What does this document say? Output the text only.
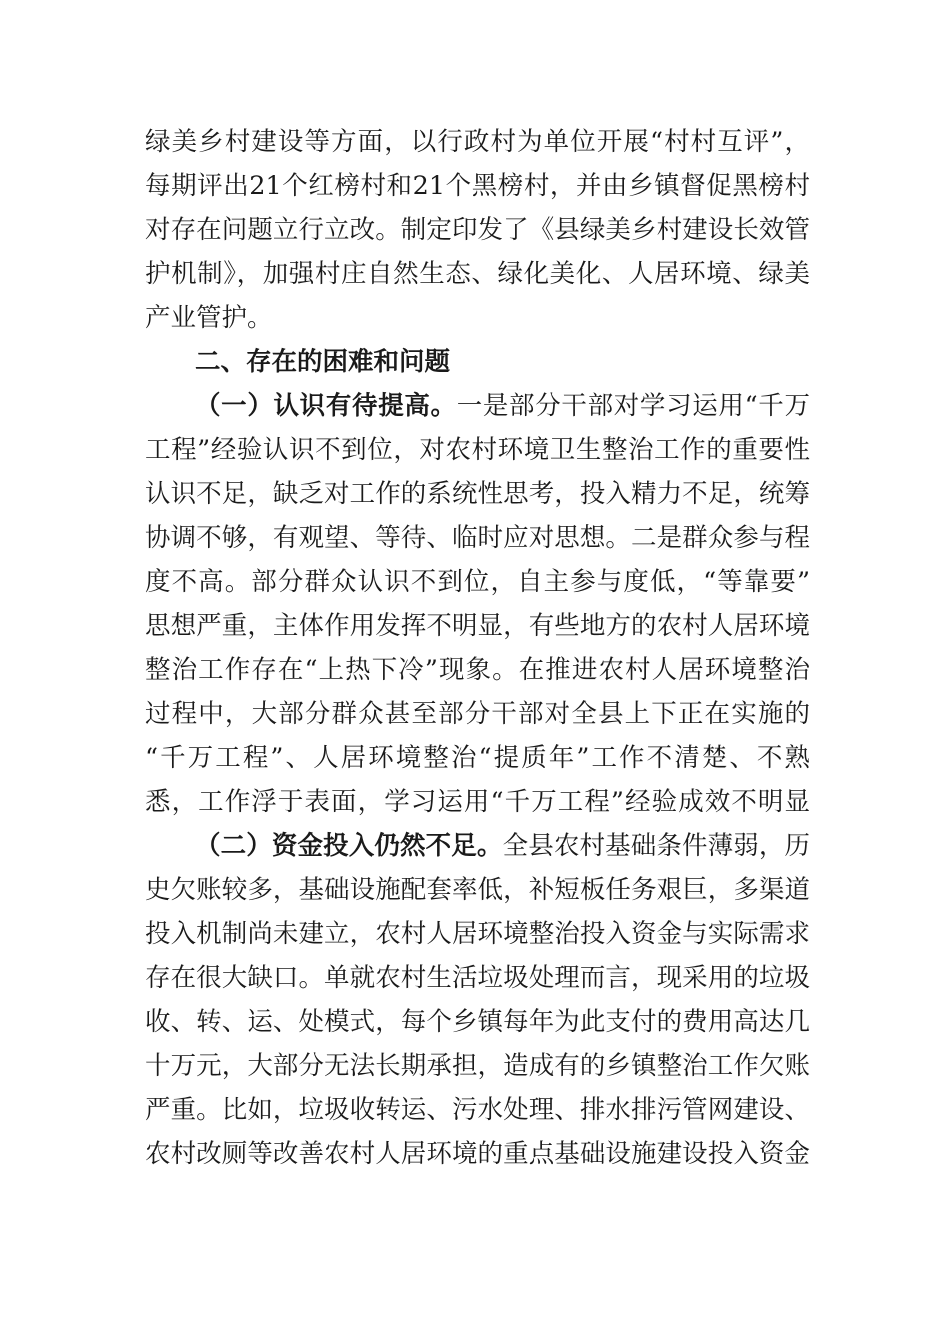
绿美乡村建设等方面，以行政村为单位开展“村村互评”，
每期评出21个红榜村和21个黑榜村，并由乡镇督促黑榜村
对存在问题立行立改。制定印发了《县绿美乡村建设长效管
护机制》，加强村庄自然生态、绿化美化、人居环境、绿美
产业管护。
二、存在的困难和问题
（一）认识有待提高。一是部分干部对学习运用“千万
工程”经验认识不到位，对农村环境卫生整治工作的重要性
认识不足，缺乏对工作的系统性思考，投入精力不足，统筹
协调不够，有观望、等待、临时应对思想。二是群众参与程
度不高。部分群众认识不到位，自主参与度低，“等靠要”
思想严重，主体作用发挥不明显，有些地方的农村人居环境
整治工作存在“上热下冷”现象。在推进农村人居环境整治
过程中，大部分群众甚至部分干部对全县上下正在实施的
“千万工程”、人居环境整治“提质年”工作不清楚、不熟
悉，工作浮于表面，学习运用“千万工程”经验成效不明显
（二）资金投入仍然不足。全县农村基础条件薄弱，历
史欠账较多，基础设施配套率低，补短板任务艰巨，多渠道
投入机制尚未建立，农村人居环境整治投入资金与实际需求
存在很大缺口。单就农村生活垃圾处理而言，现采用的垃圾
收、转、运、处模式，每个乡镇每年为此支付的费用高达几
十万元，大部分无法长期承担，造成有的乡镇整治工作欠账
严重。比如，垃圾收转运、污水处理、排水排污管网建设、
农村改厕等改善农村人居环境的重点基础设施建设投入资金
